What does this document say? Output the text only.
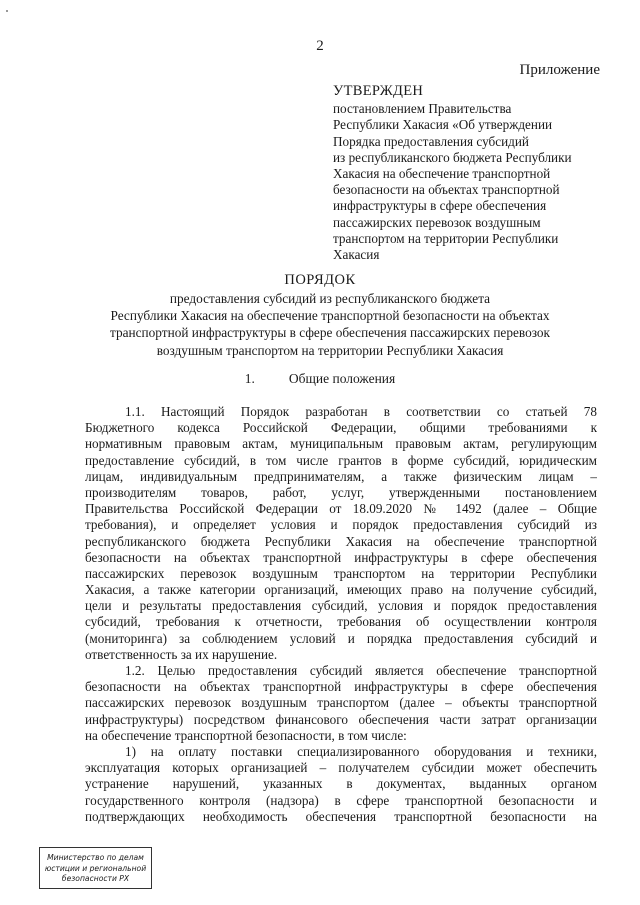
2
Приложение
УТВЕРЖДЕН
постановлением Правительства
Республики Хакасия «Об утверждении
Порядка предоставления субсидий
из республиканского бюджета Республики
Хакасия на обеспечение транспортной
безопасности на объектах транспортной
инфраструктуры в сфере обеспечения
пассажирских перевозок воздушным
транспортом на территории Республики
Хакасия
ПОРЯДОК
предоставления субсидий из республиканского бюджета
Республики Хакасия на обеспечение транспортной безопасности на объектах
транспортной инфраструктуры в сфере обеспечения пассажирских перевозок
воздушным транспортом на территории Республики Хакасия
1.	Общие положения
1.1. Настоящий Порядок разработан в соответствии со статьей 78
Бюджетного кодекса Российской Федерации, общими требованиями к
нормативным правовым актам, муниципальным правовым актам, регулирующим
предоставление субсидий, в том числе грантов в форме субсидий, юридическим
лицам, индивидуальным предпринимателям, а также физическим лицам –
производителям товаров, работ, услуг, утвержденными постановлением
Правительства Российской Федерации от 18.09.2020 № 1492 (далее – Общие
требования), и определяет условия и порядок предоставления субсидий из
республиканского бюджета Республики Хакасия на обеспечение транспортной
безопасности на объектах транспортной инфраструктуры в сфере обеспечения
пассажирских перевозок воздушным транспортом на территории Республики
Хакасия, а также категории организаций, имеющих право на получение субсидий,
цели и результаты предоставления субсидий, условия и порядок предоставления
субсидий, требования к отчетности, требования об осуществлении контроля
(мониторинга) за соблюдением условий и порядка предоставления субсидий и
ответственность за их нарушение.
1.2. Целью предоставления субсидий является обеспечение транспортной
безопасности на объектах транспортной инфраструктуры в сфере обеспечения
пассажирских перевозок воздушным транспортом (далее – объекты транспортной
инфраструктуры) посредством финансового обеспечения части затрат организации
на обеспечение транспортной безопасности, в том числе:
1) на оплату поставки специализированного оборудования и техники,
эксплуатация которых организацией – получателем субсидии может обеспечить
устранение нарушений, указанных в документах, выданных органом
государственного контроля (надзора) в сфере транспортной безопасности и
подтверждающих необходимость обеспечения транспортной безопасности на
Министерство по делам
юстиции и региональной
безопасности РХ
